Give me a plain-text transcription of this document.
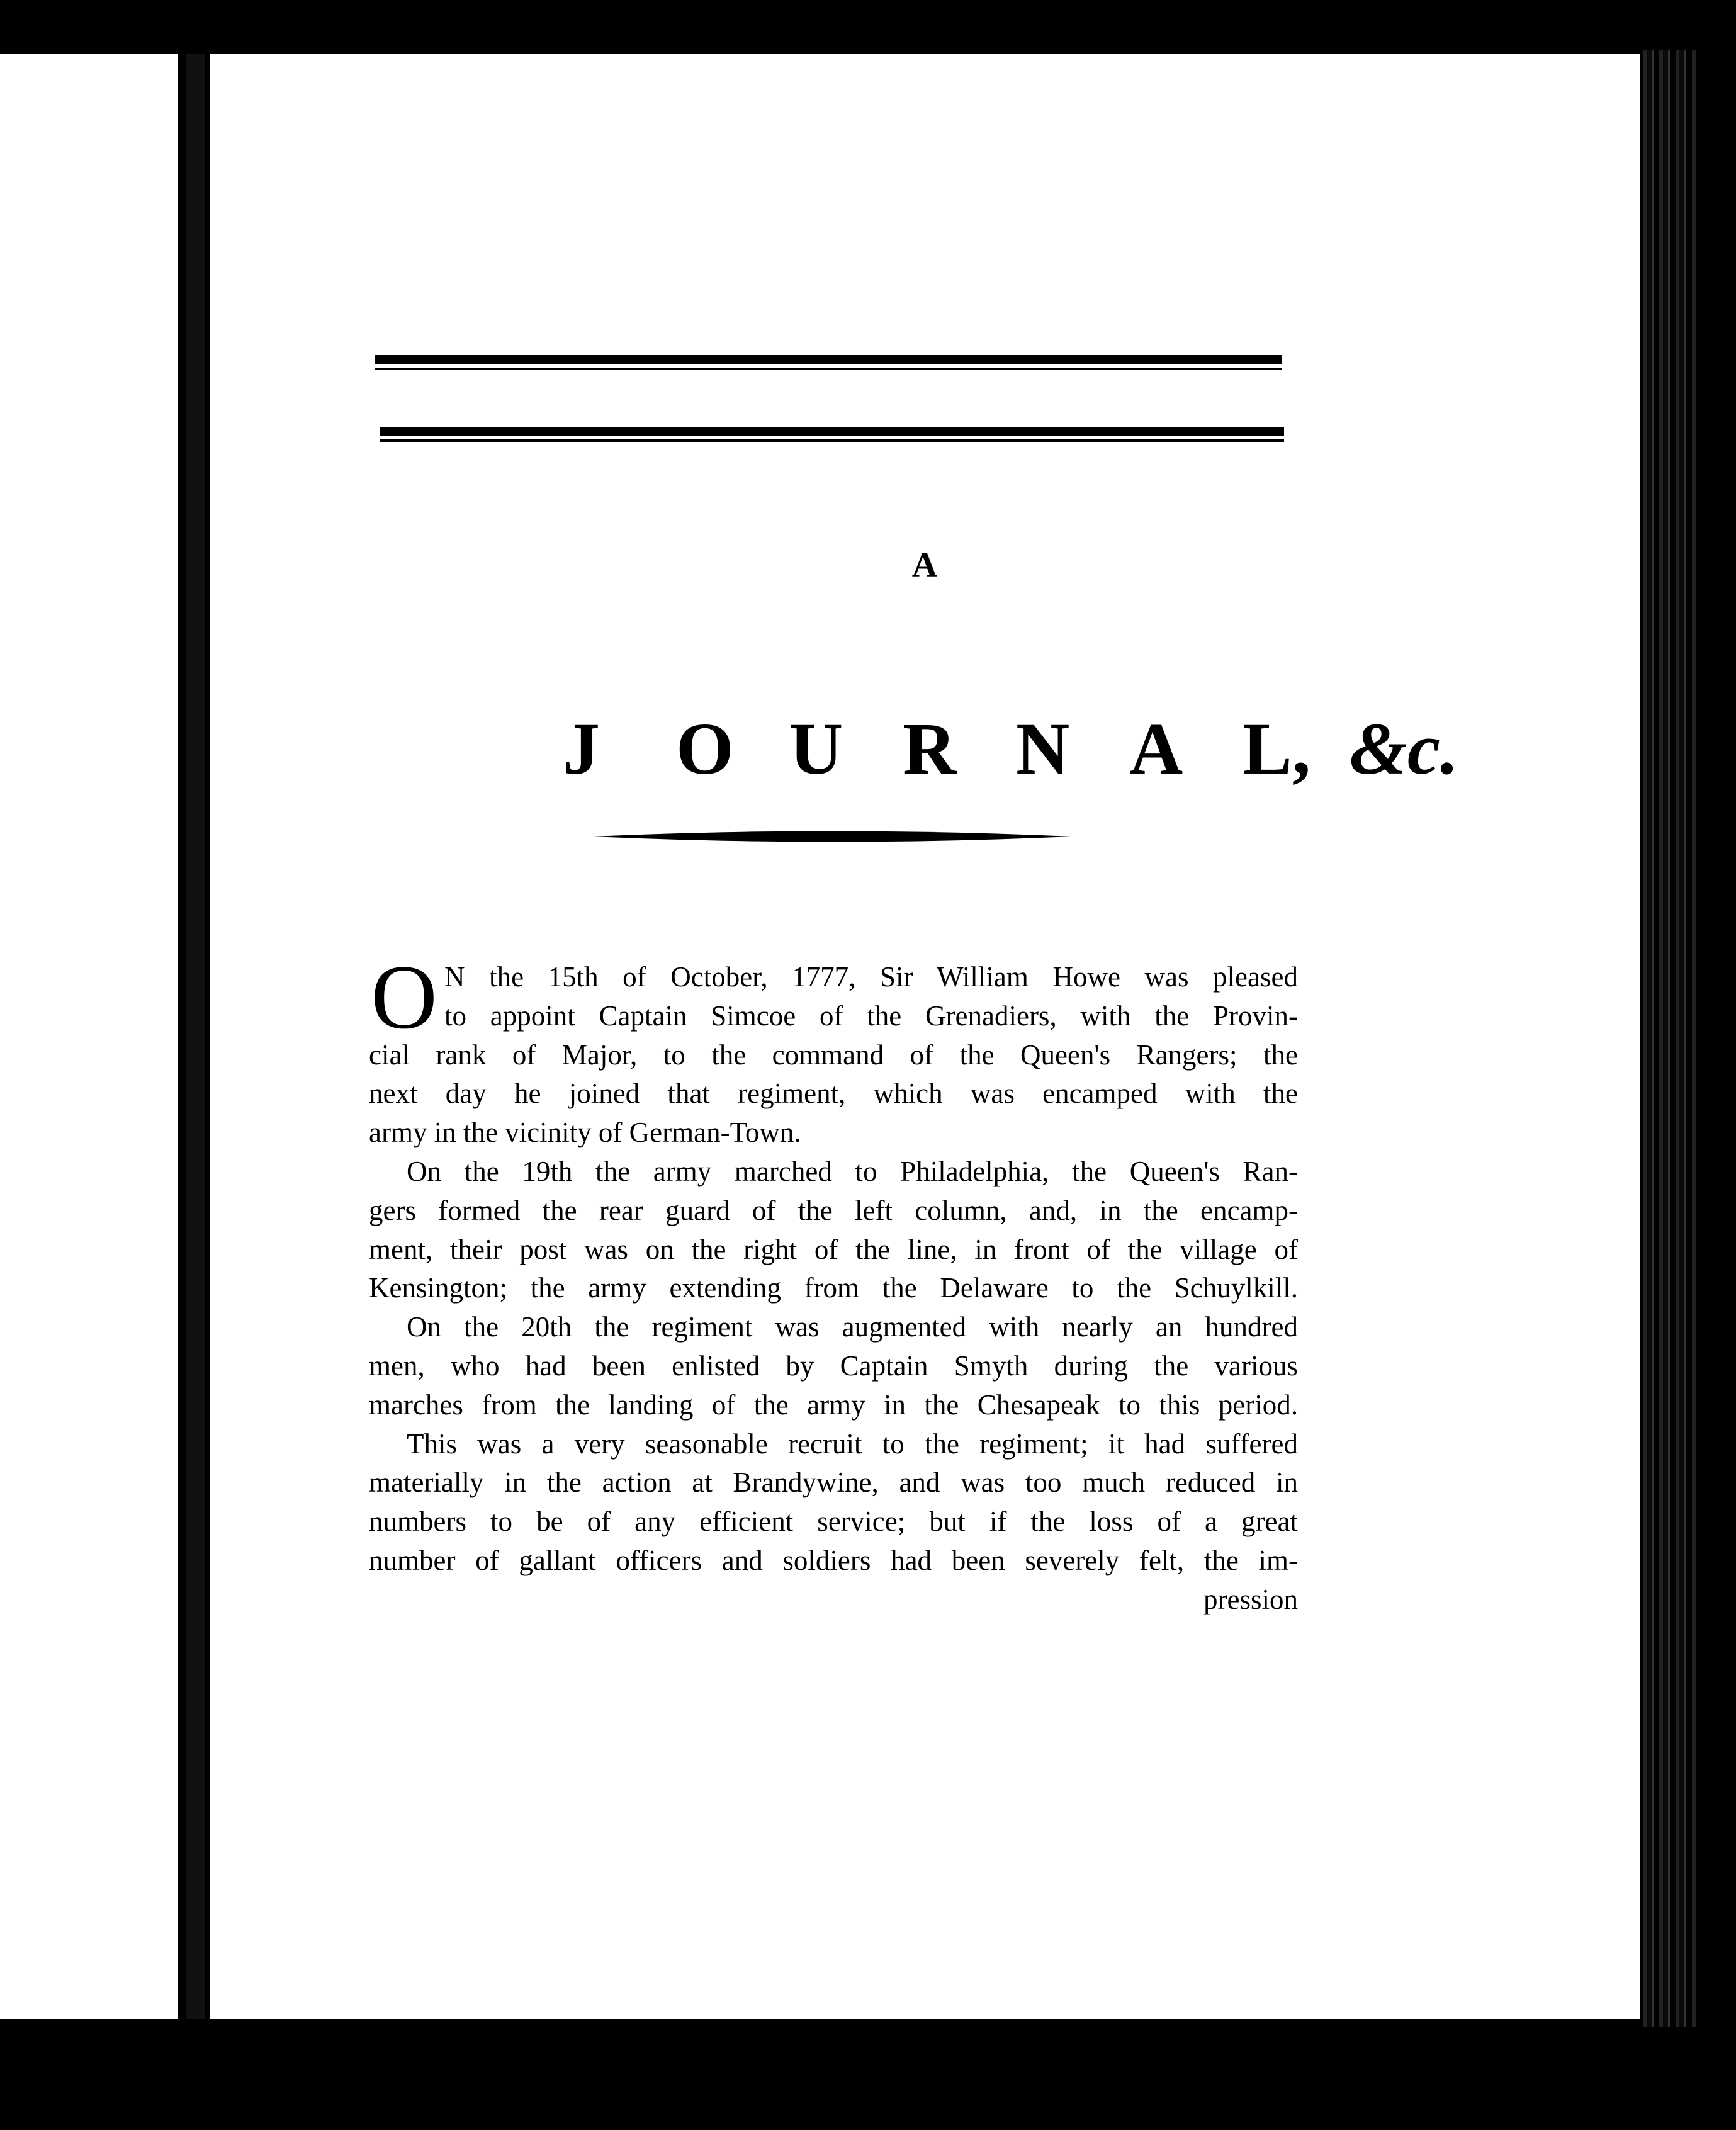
A
J O U R N A L, &c.
O N the 15th of October, 1777, Sir William Howe was pleased
to appoint Captain Simcoe of the Grenadiers, with the Provin-
cial rank of Major, to the command of the Queen's Rangers; the
next day he joined that regiment, which was encamped with the
army in the vicinity of German-Town.
On the 19th the army marched to Philadelphia, the Queen's Ran-
gers formed the rear guard of the left column, and, in the encamp-
ment, their post was on the right of the line, in front of the village of
Kensington; the army extending from the Delaware to the Schuylkill.
On the 20th the regiment was augmented with nearly an hundred
men, who had been enlisted by Captain Smyth during the various
marches from the landing of the army in the Chesapeak to this period.
This was a very seasonable recruit to the regiment; it had suffered
materially in the action at Brandywine, and was too much reduced in
numbers to be of any efficient service; but if the loss of a great
number of gallant officers and soldiers had been severely felt, the im-
pression
